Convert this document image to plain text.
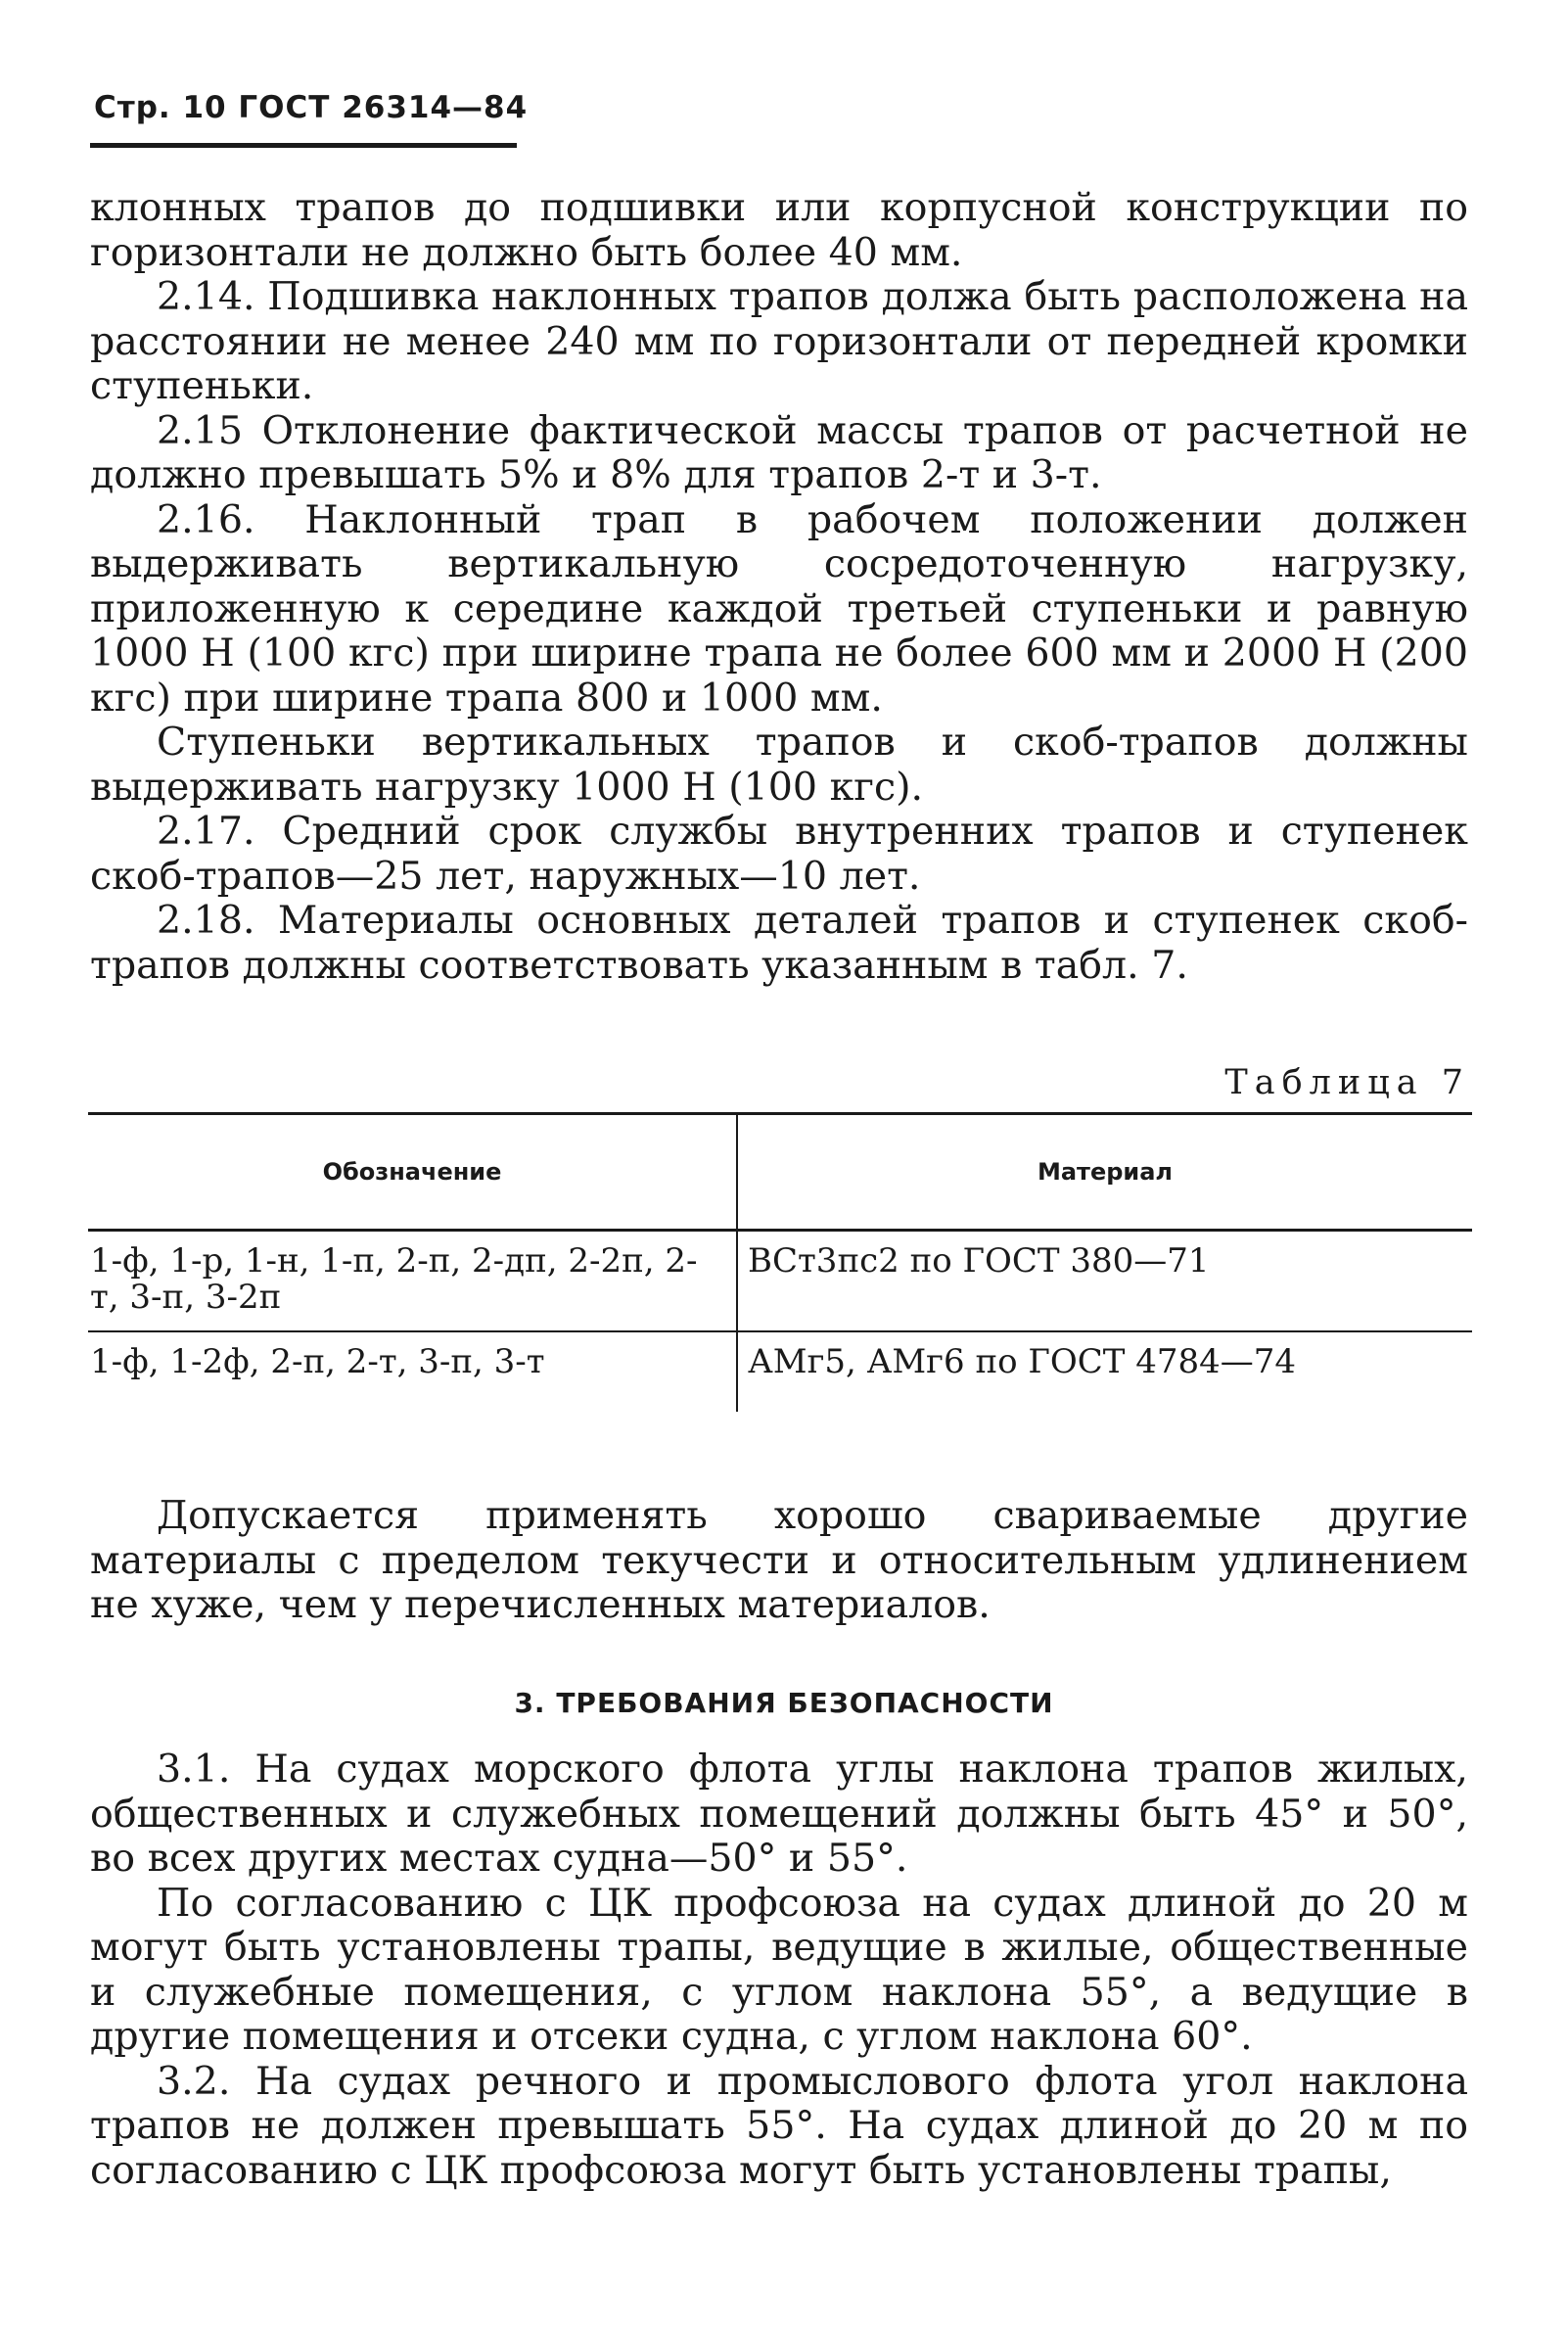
Стр. 10 ГОСТ 26314—84

клонных трапов до подшивки или корпусной конструкции по горизонтали не должно быть более 40 мм.

2.14. Подшивка наклонных трапов должа быть расположена на расстоянии не менее 240 мм по горизонтали от передней кромки ступеньки.

2.15 Отклонение фактической массы трапов от расчетной не должно превышать 5% и 8% для трапов 2-т и 3-т.

2.16. Наклонный трап в рабочем положении должен выдерживать вертикальную сосредоточенную нагрузку, приложенную к середине каждой третьей ступеньки и равную 1000 Н (100 кгс) при ширине трапа не более 600 мм и 2000 Н (200 кгс) при ширине трапа 800 и 1000 мм.

Ступеньки вертикальных трапов и скоб-трапов должны выдерживать нагрузку 1000 Н (100 кгс).

2.17. Средний срок службы внутренних трапов и ступенек скоб-трапов—25 лет, наружных—10 лет.

2.18. Материалы основных деталей трапов и ступенек скоб-трапов должны соответствовать указанным в табл. 7.

Таблица 7
Обозначение	Материал
1-ф, 1-р, 1-н, 1-п, 2-п, 2-дп, 2-2п, 2-т, 3-п, 3-2п	ВСт3пс2 по ГОСТ 380—71
1-ф, 1-2ф, 2-п, 2-т, 3-п, 3-т	АМг5, АМг6 по ГОСТ 4784—74

Допускается применять хорошо свариваемые другие материалы с пределом текучести и относительным удлинением не хуже, чем у перечисленных материалов.

3. ТРЕБОВАНИЯ БЕЗОПАСНОСТИ

3.1. На судах морского флота углы наклона трапов жилых, общественных и служебных помещений должны быть 45° и 50°, во всех других местах судна—50° и 55°.

По согласованию с ЦК профсоюза на судах длиной до 20 м могут быть установлены трапы, ведущие в жилые, общественные и служебные помещения, с углом наклона 55°, а ведущие в другие помещения и отсеки судна, с углом наклона 60°.

3.2. На судах речного и промыслового флота угол наклона трапов не должен превышать 55°. На судах длиной до 20 м по согласованию с ЦК профсоюза могут быть установлены трапы,
